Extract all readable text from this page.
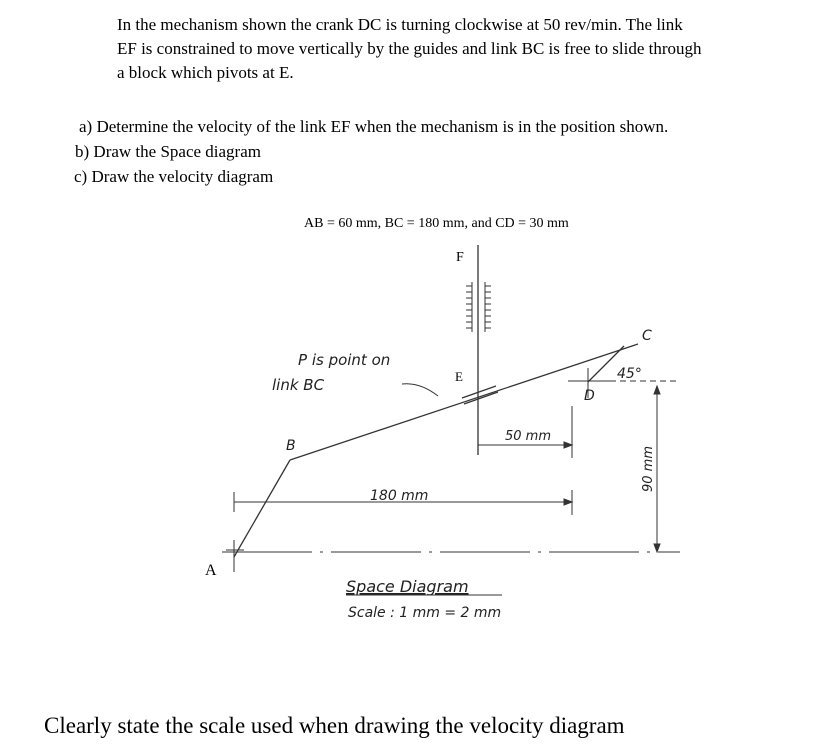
In the mechanism shown the crank DC is turning clockwise at 50 rev/min. The link
EF is constrained to move vertically by the guides and link BC is free to slide through
a block which pivots at E.
a) Determine the velocity of the link EF when the mechanism is in the position shown.
b) Draw the Space diagram
c) Draw the velocity diagram
AB = 60 mm, BC = 180 mm, and CD = 30 mm
F
E
A
D
C
45°
B
P is point on
link BC
50 mm
180 mm
90 mm
Space Diagram
Scale : 1 mm = 2 mm
Clearly state the scale used when drawing the velocity diagram
